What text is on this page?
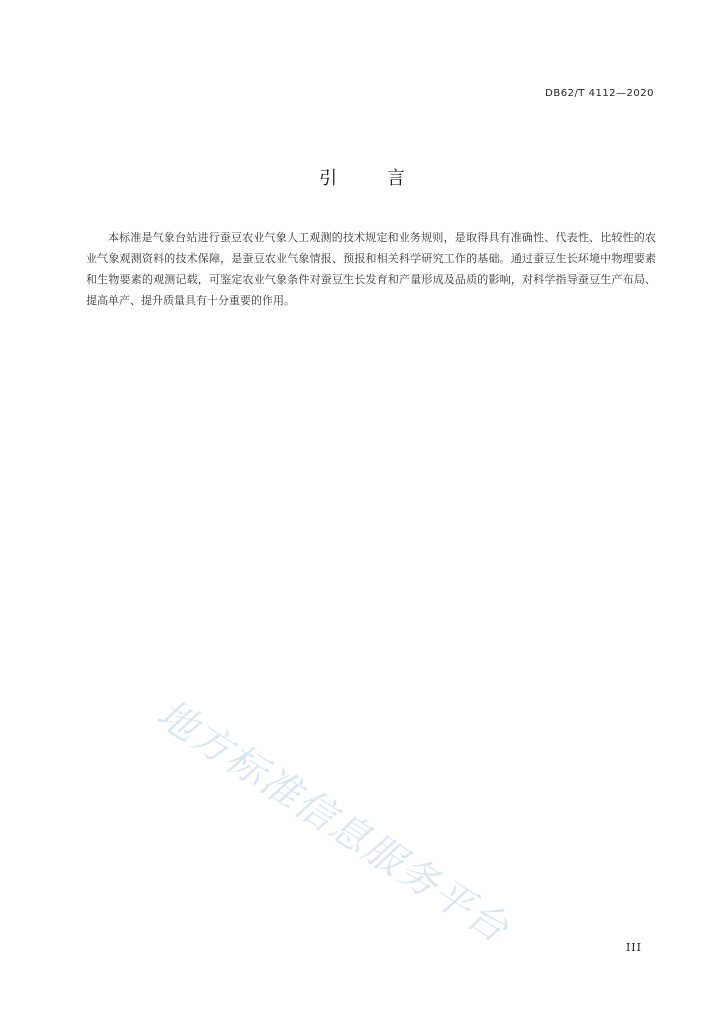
DB62/T 4112—2020
引 言

本标准是气象台站进行蚕豆农业气象人工观测的技术规定和业务规则，是取得具有准确性、代表性、比较性的农业气象观测资料的技术保障，是蚕豆农业气象情报、预报和相关科学研究工作的基础。通过蚕豆生长环境中物理要素和生物要素的观测记载，可鉴定农业气象条件对蚕豆生长发育和产量形成及品质的影响，对科学指导蚕豆生产布局、提高单产、提升质量具有十分重要的作用。

地方标准信息服务平台	III
